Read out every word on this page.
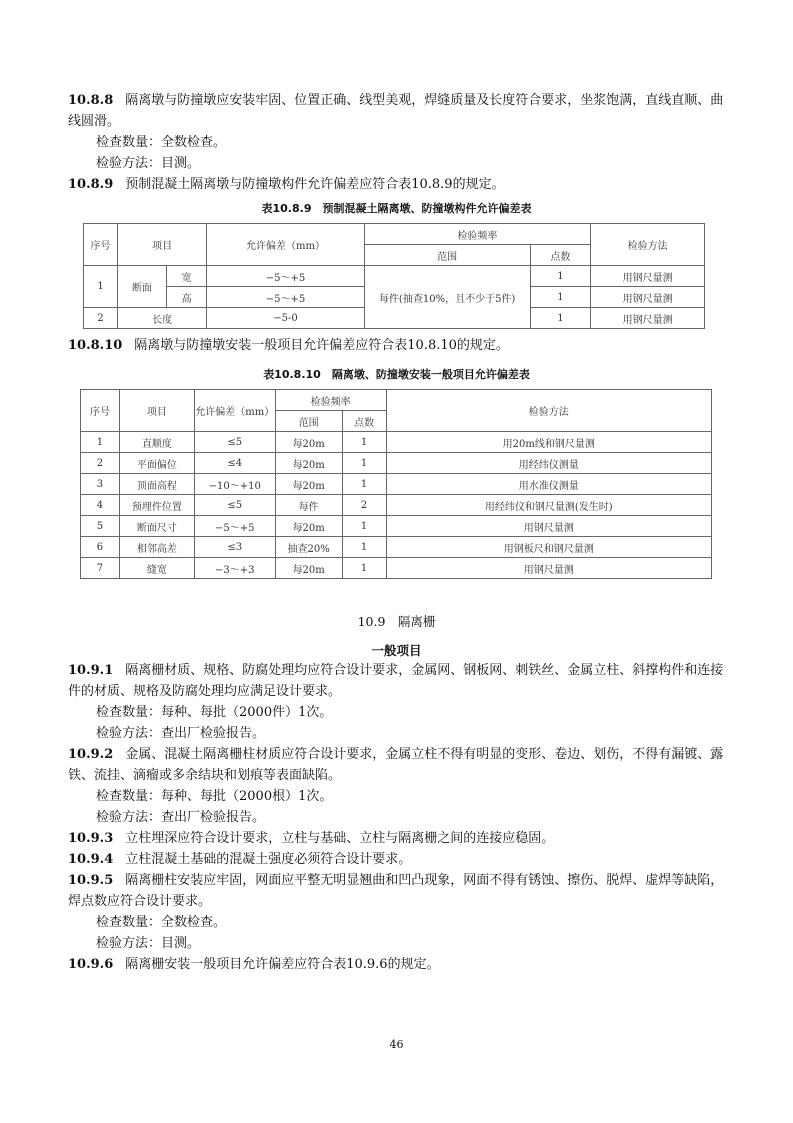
10.8.8 隔离墩与防撞墩应安装牢固、位置正确、线型美观，焊缝质量及长度符合要求，坐浆饱满，直线直顺、曲线圆滑。

检查数量：全数检查。

检验方法：目测。

10.8.9 预制混凝土隔离墩与防撞墩构件允许偏差应符合表10.8.9的规定。

表10.8.9　预制混凝土隔离墩、防撞墩构件允许偏差表
序号	项目		允许偏差（mm）	检验频率		检验方法
				范围	点数	
1	断面	宽	−5～+5	每件(抽查10%，且不少于5件)	1	用钢尺量测
		高	−5～+5		1	用钢尺量测
2	长度		−5-0		1	用钢尺量测

10.8.10 隔离墩与防撞墩安装一般项目允许偏差应符合表10.8.10的规定。

表10.8.10　隔离墩、防撞墩安装一般项目允许偏差表
序号	项目	允许偏差（mm）	检验频率		检验方法
			范围	点数	
1	直顺度	≤5	每20m	1	用20m线和钢尺量测
2	平面偏位	≤4	每20m	1	用经纬仪测量
3	顶面高程	−10～+10	每20m	1	用水准仪测量
4	预埋件位置	≤5	每件	2	用经纬仪和钢尺量测(发生时)
5	断面尺寸	−5～+5	每20m	1	用钢尺量测
6	相邻高差	≤3	抽查20%	1	用钢板尺和钢尺量测
7	缝宽	−3～+3	每20m	1	用钢尺量测
10.9　隔离栅
一般项目

10.9.1 隔离栅材质、规格、防腐处理均应符合设计要求，金属网、钢板网、刺铁丝、金属立柱、斜撑构件和连接件的材质、规格及防腐处理均应满足设计要求。

检查数量：每种、每批（2000件）1次。

检验方法：查出厂检验报告。

10.9.2 金属、混凝土隔离栅柱材质应符合设计要求，金属立柱不得有明显的变形、卷边、划伤，不得有漏镀、露铁、流挂、滴瘤或多余结块和划痕等表面缺陷。

检查数量：每种、每批（2000根）1次。

检验方法：查出厂检验报告。

10.9.3 立柱埋深应符合设计要求，立柱与基础、立柱与隔离栅之间的连接应稳固。

10.9.4 立柱混凝土基础的混凝土强度必须符合设计要求。

10.9.5 隔离栅柱安装应牢固，网面应平整无明显翘曲和凹凸现象，网面不得有锈蚀、擦伤、脱焊、虚焊等缺陷，焊点数应符合设计要求。

检查数量：全数检查。

检验方法：目测。

10.9.6 隔离栅安装一般项目允许偏差应符合表10.9.6的规定。

46
